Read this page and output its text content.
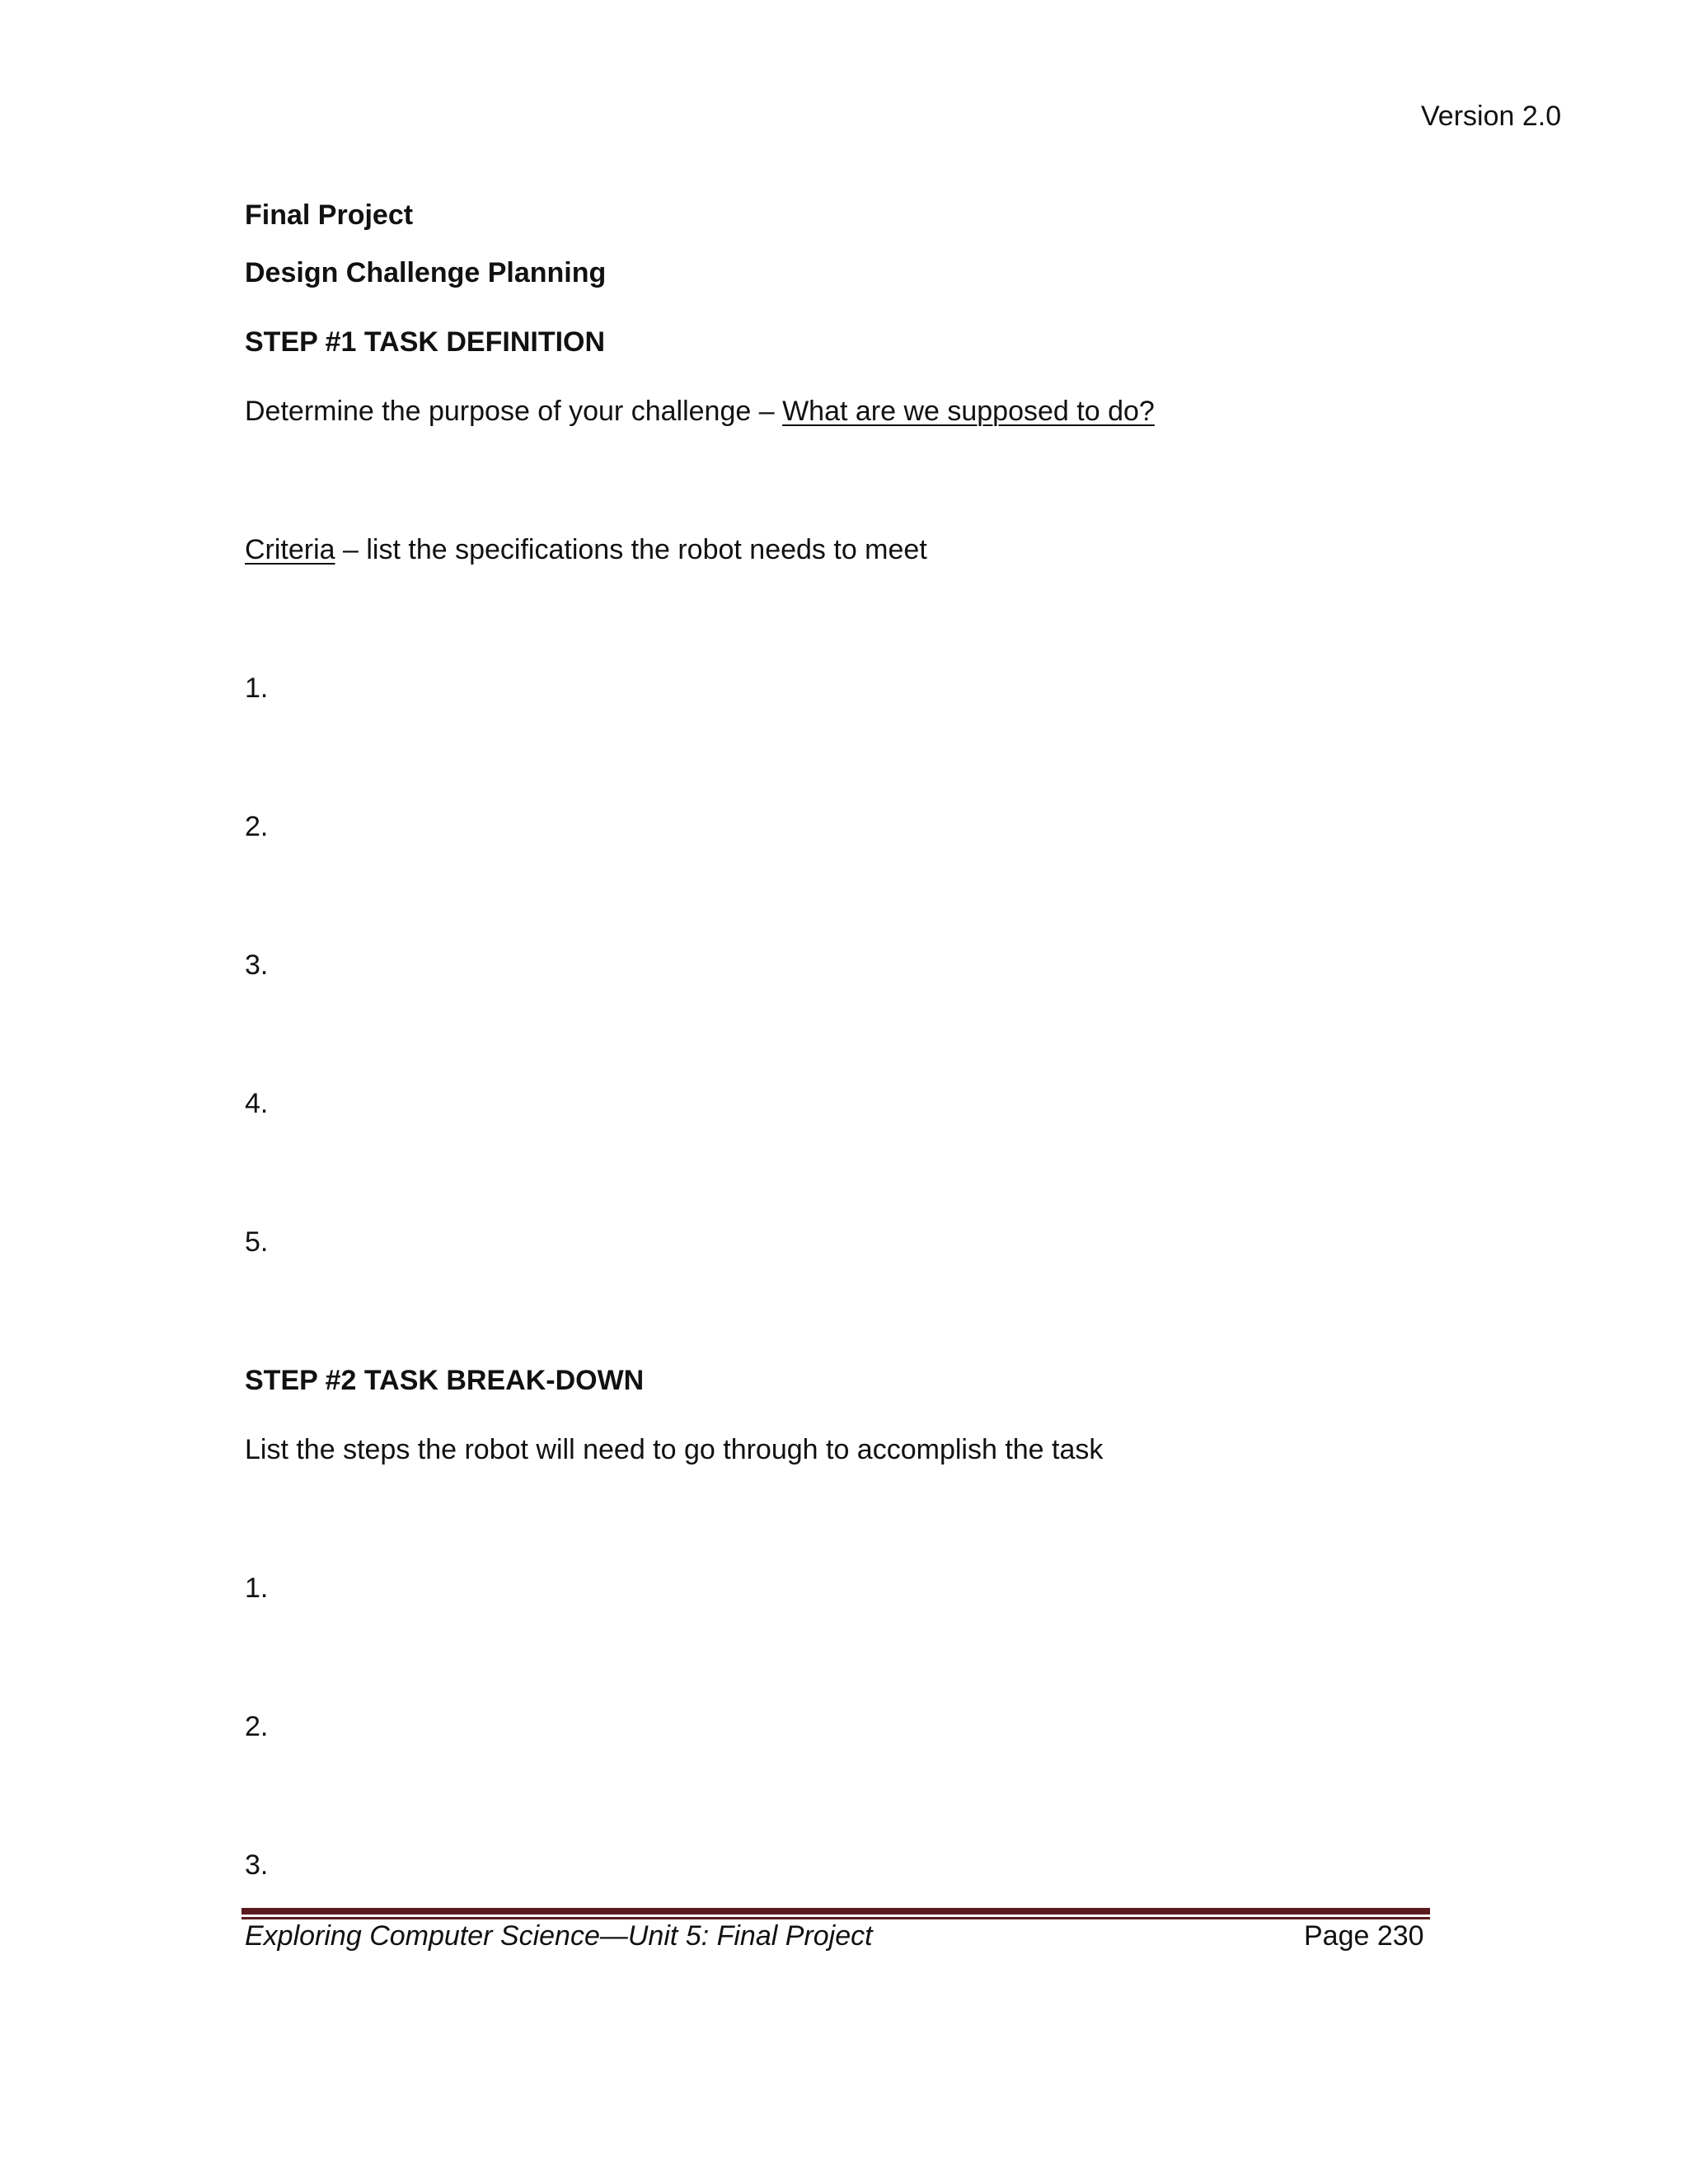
Version 2.0
Final Project
Design Challenge Planning
STEP #1 TASK DEFINITION
Determine the purpose of your challenge – What are we supposed to do?
Criteria – list the specifications the robot needs to meet
1.
2.
3.
4.
5.
STEP #2 TASK BREAK-DOWN
List the steps the robot will need to go through to accomplish the task
1.
2.
3.
Exploring Computer Science—Unit 5: Final Project	Page 230
